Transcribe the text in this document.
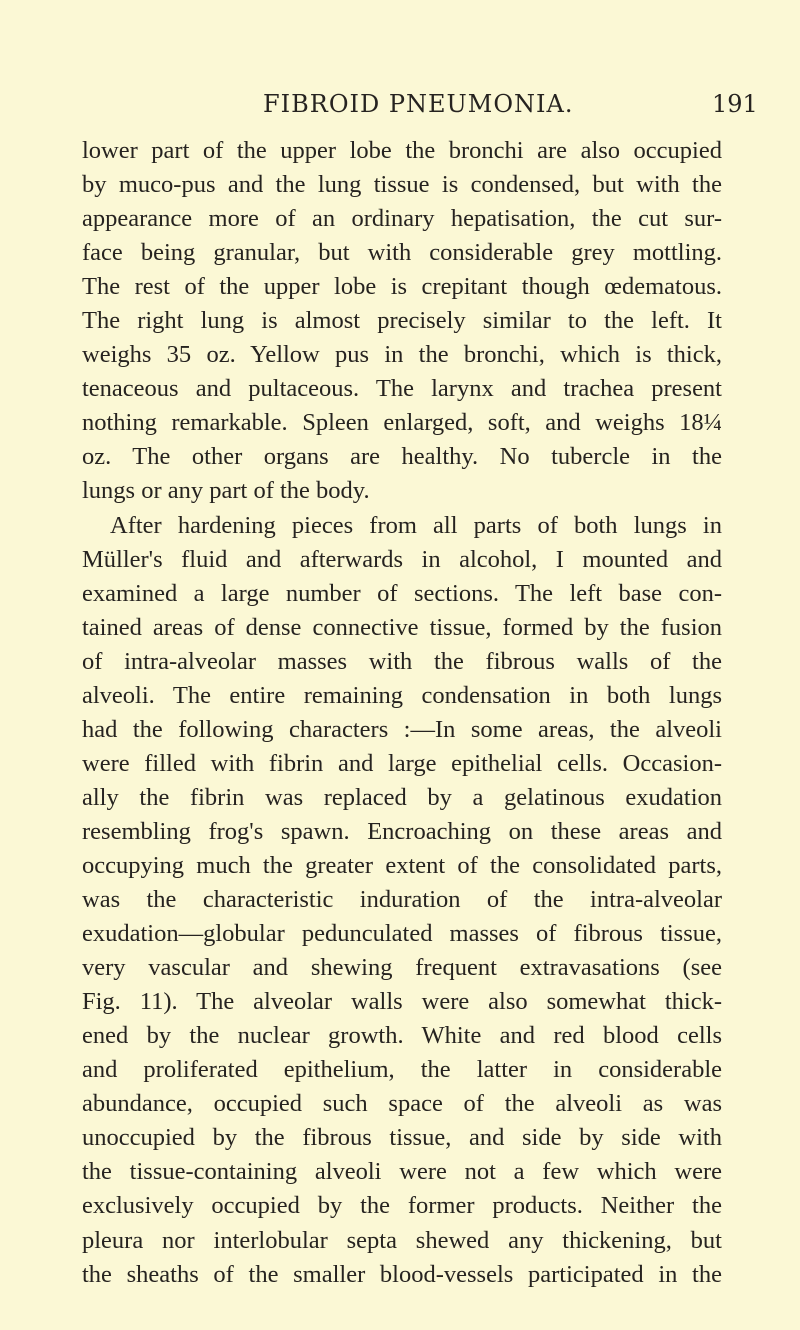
FIBROID PNEUMONIA.	191
lower part of the upper lobe the bronchi are also occupied
by muco-pus and the lung tissue is condensed, but with the
appearance more of an ordinary hepatisation, the cut sur-
face being granular, but with considerable grey mottling.
The rest of the upper lobe is crepitant though œdematous.
The right lung is almost precisely similar to the left. It
weighs 35 oz. Yellow pus in the bronchi, which is thick,
tenaceous and pultaceous. The larynx and trachea present
nothing remarkable. Spleen enlarged, soft, and weighs 18¼
oz. The other organs are healthy. No tubercle in the
lungs or any part of the body.
After hardening pieces from all parts of both lungs in
Müller's fluid and afterwards in alcohol, I mounted and
examined a large number of sections. The left base con-
tained areas of dense connective tissue, formed by the fusion
of intra-alveolar masses with the fibrous walls of the
alveoli. The entire remaining condensation in both lungs
had the following characters :—In some areas, the alveoli
were filled with fibrin and large epithelial cells. Occasion-
ally the fibrin was replaced by a gelatinous exudation
resembling frog's spawn. Encroaching on these areas and
occupying much the greater extent of the consolidated parts,
was the characteristic induration of the intra-alveolar
exudation—globular pedunculated masses of fibrous tissue,
very vascular and shewing frequent extravasations (see
Fig. 11). The alveolar walls were also somewhat thick-
ened by the nuclear growth. White and red blood cells
and proliferated epithelium, the latter in considerable
abundance, occupied such space of the alveoli as was
unoccupied by the fibrous tissue, and side by side with
the tissue-containing alveoli were not a few which were
exclusively occupied by the former products. Neither the
pleura nor interlobular septa shewed any thickening, but
the sheaths of the smaller blood-vessels participated in the
